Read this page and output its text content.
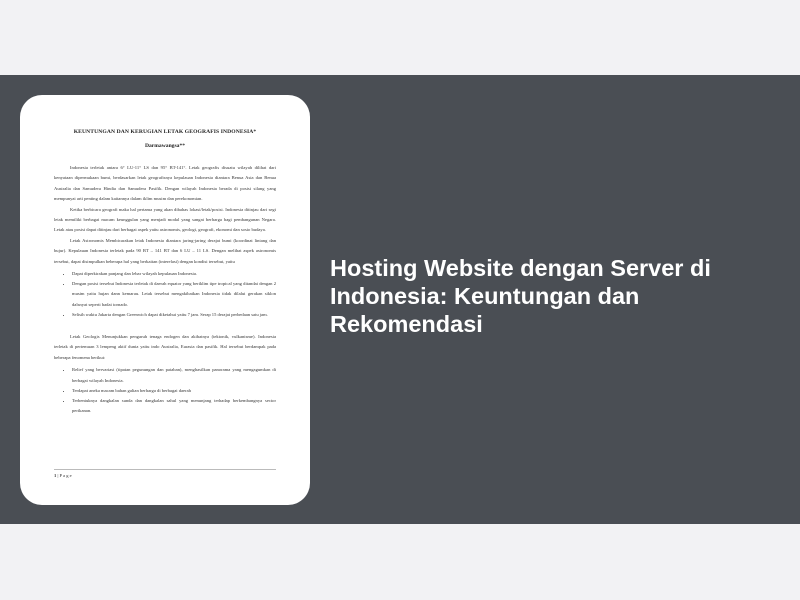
KEUNTUNGAN DAN KERUGIAN LETAK GEOGRAFIS INDONESIA*

Darmawangsa**

Indonesia terletak antara 6° LU-11° LS dan 95° BT-141°. Letak geografis disuatu wilayah dilihat dari kenyataan dipermukaan bumi, berdasarkan letak geografisnya kepulauan Indonesia diantara Benua Asia dan Benua Australia dan Samudera Hindia dan Samudera Pasifik. Dengan wilayah Indonesia berada di posisi silang yang mempunyai arti penting dalam kaitannya dalam iklim musim dan perekonomian.

Ketika berbicara geografi maka hal pertama yang akan dibahas lokasi/letak/posisi. Indonesia ditinjau dari segi letak memiliki berbagai macam keunggulan yang menjadi modal yang sangat berharga bagi pembangunan Negara. Letak atau posisi dapat ditinjau dari berbagai aspek yaitu astronomis, geologi, geografi, ekonomi dan sosio budaya.

Letak Astronomis Membicarakan letak Indonesia diantara jaring-jaring derajat bumi (koordinat lintang dan bujur). Kepulauan Indonesia terletak pada 90 BT – 141 BT dan 6 LU – 11 LS. Dengan melihat aspek astronomis tersebut, dapat disimpulkan beberapa hal yang berkaitan (interelasi) dengan kondisi tersebut, yaitu

• Dapat diperkirakan panjang dan lebar wilayah kepulauan Indonesia.
• Dengan posisi tersebut Indonesia terletak di daerah equator yang beriklim tipe tropical yang ditandai dengan 2 musim yaitu hujan dann kemarau. Letak tersebut mengakibatkan Indonesia tidak dilalui gerakan siklon dalsnyat seperti badai tornado.
• Selisih waktu Jakarta dengan Greenwich dapat diketahui yaitu 7 jam. Serap 15 derajat perbedaan satu jam.

Letak Geologis Menunjukkan pengaruh tenaga endogen dan akibatnya (tektonik, vulkanisme). Indonesia terletak di pertemuan 3 lempeng aktif dunia yaitu indo Australia, Eurasia dan pasifik. Hal tersebut berdampak pada beberapa fenomena berikut:

• Relief yang bervariasi (tipatan pegunungan dan pataban), menghasilkan panorama yang mengagumkan di berbagai wilayah Indonesia.
• Terdapat aneka macam bahan galian berharga di berbagai daerah
• Terbentuknya dangkalan sunda dan dangkalan sahul yang menunjang terhadap berkembangnya sector perikanan.
1 | P a g e
Hosting Website dengan Server di Indonesia: Keuntungan dan Rekomendasi
